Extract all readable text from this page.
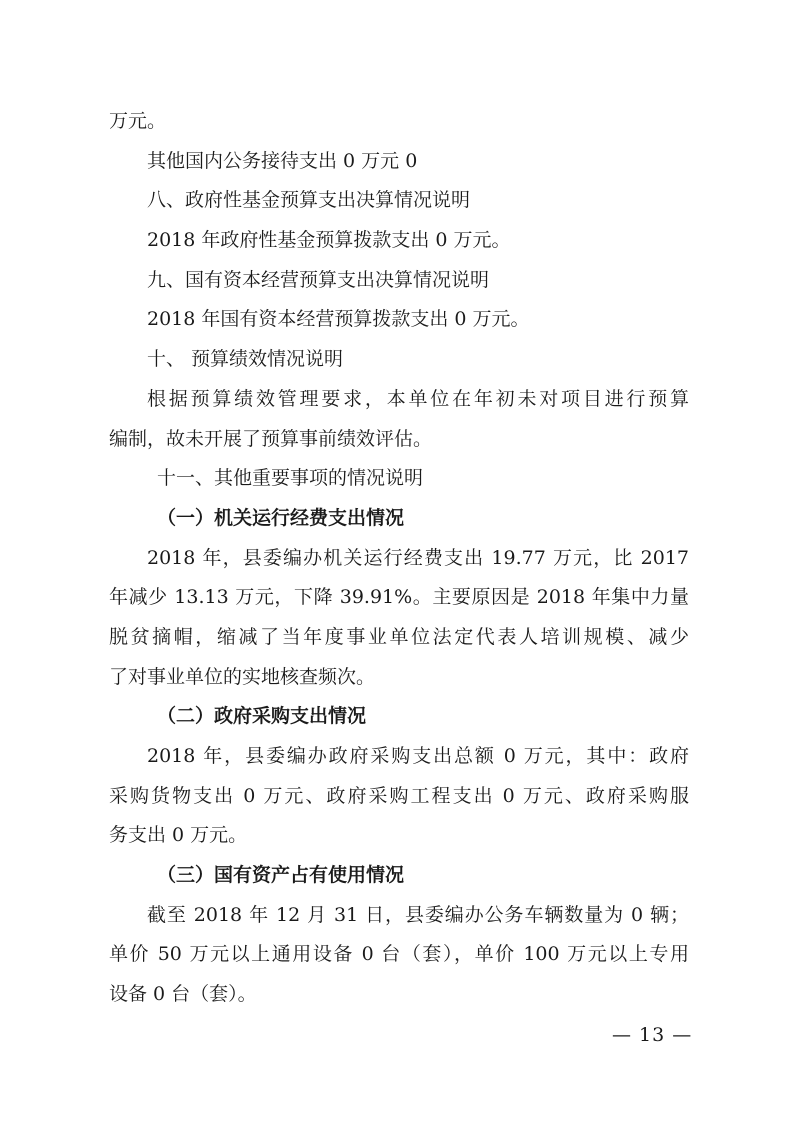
万元。
其他国内公务接待支出 0 万元 0
八、政府性基金预算支出决算情况说明
2018 年政府性基金预算拨款支出 0 万元。
九、国有资本经营预算支出决算情况说明
2018 年国有资本经营预算拨款支出 0 万元。
十、 预算绩效情况说明
根据预算绩效管理要求，本单位在年初未对项目进行预算
编制，故未开展了预算事前绩效评估。
十一、其他重要事项的情况说明
（一）机关运行经费支出情况
2018 年，县委编办机关运行经费支出 19.77 万元，比 2017
年减少 13.13 万元，下降 39.91%。主要原因是 2018 年集中力量
脱贫摘帽，缩减了当年度事业单位法定代表人培训规模、减少
了对事业单位的实地核查频次。
（二）政府采购支出情况
2018 年，县委编办政府采购支出总额 0 万元，其中：政府
采购货物支出 0 万元、政府采购工程支出 0 万元、政府采购服
务支出 0 万元。
（三）国有资产占有使用情况
截至 2018 年 12 月 31 日，县委编办公务车辆数量为 0 辆；
单价 50 万元以上通用设备 0 台（套），单价 100 万元以上专用
设备 0 台（套）。
— 13 —
